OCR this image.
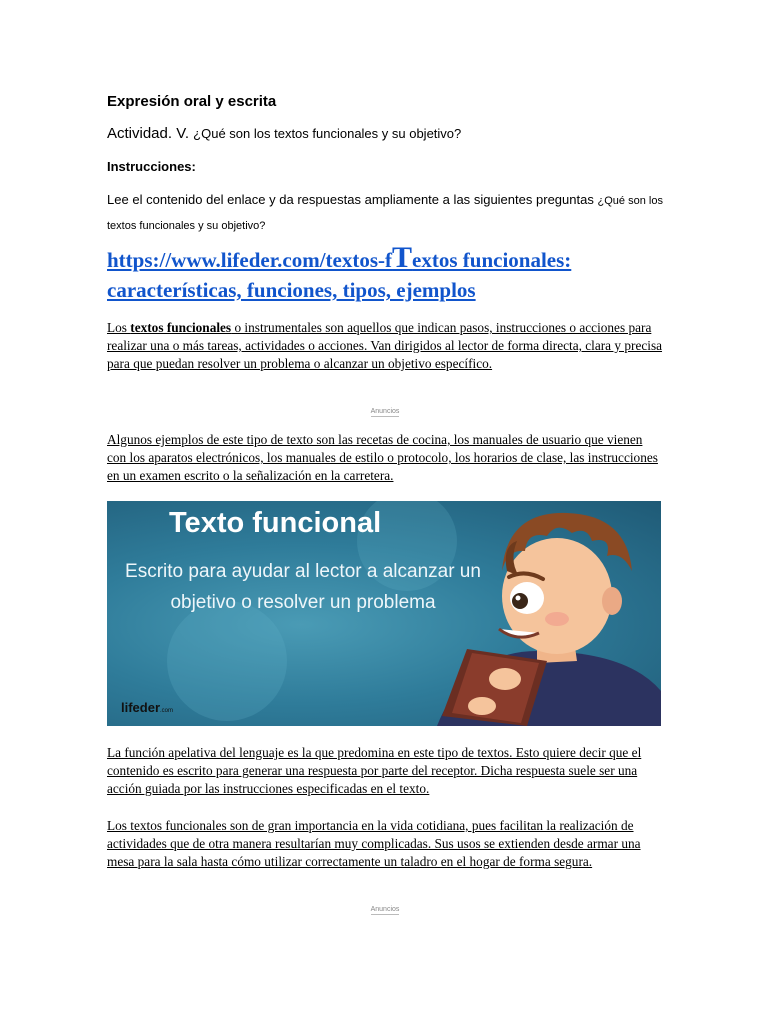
Expresión oral y escrita
Actividad. V. ¿Qué son los textos funcionales y su objetivo?
Instrucciones:
Lee el contenido del enlace y da respuestas ampliamente a las siguientes preguntas ¿Qué son los textos funcionales y su objetivo?
https://www.lifeder.com/textos-fTextos funcionales: características, funciones, tipos, ejemplos
Los textos funcionales o instrumentales son aquellos que indican pasos, instrucciones o acciones para realizar una o más tareas, actividades o acciones. Van dirigidos al lector de forma directa, clara y precisa para que puedan resolver un problema o alcanzar un objetivo específico.
Anuncios
Algunos ejemplos de este tipo de texto son las recetas de cocina, los manuales de usuario que vienen con los aparatos electrónicos, los manuales de estilo o protocolo, los horarios de clase, las instrucciones en un examen escrito o la señalización en la carretera.
Texto funcional
Escrito para ayudar al lector a alcanzar un objetivo o resolver un problema
lifeder.com
La función apelativa del lenguaje es la que predomina en este tipo de textos. Esto quiere decir que el contenido es escrito para generar una respuesta por parte del receptor. Dicha respuesta suele ser una acción guiada por las instrucciones especificadas en el texto.
Los textos funcionales son de gran importancia en la vida cotidiana, pues facilitan la realización de actividades que de otra manera resultarían muy complicadas. Sus usos se extienden desde armar una mesa para la sala hasta cómo utilizar correctamente un taladro en el hogar de forma segura.
Anuncios
